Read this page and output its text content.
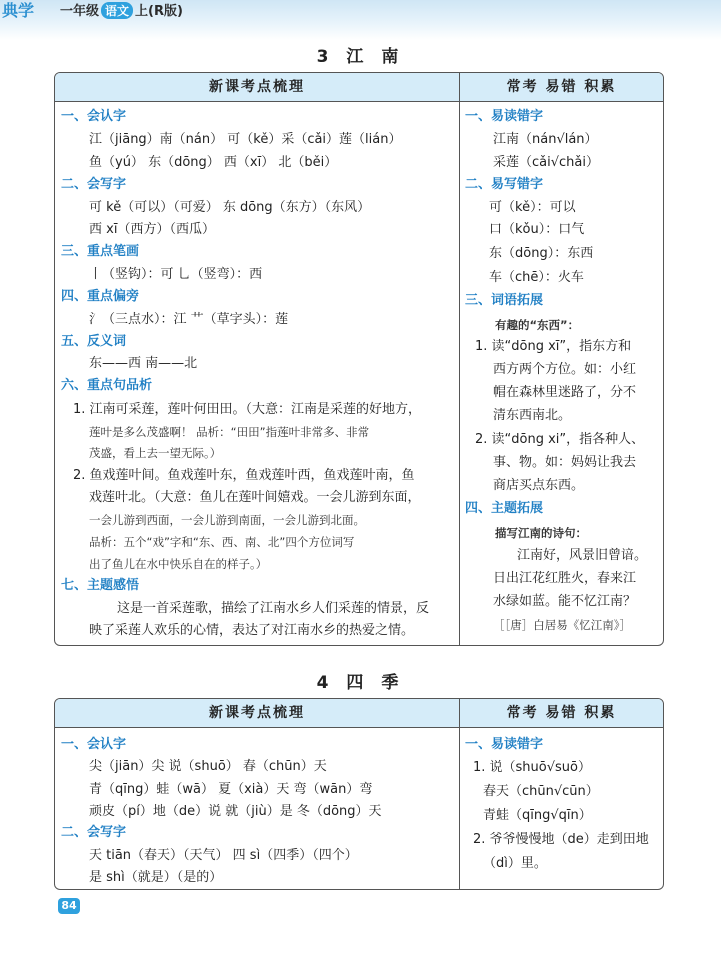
典学 一年级 语文 上(R版)
3 江 南
新课考点梳理	常考 易错 积累
一、会认字
江（jiāng）南（nán） 可（kě）采（cǎi）莲（lián）
鱼（yú） 东（dōng） 西（xī） 北（běi）
二、会写字
可 kě（可以）（可爱） 东 dōng（东方）（东风）
西 xī（西方）（西瓜）
三、重点笔画
丨（竖钩）：可 乚（竖弯）：西
四、重点偏旁
氵（三点水）：江 艹（草字头）：莲
五、反义词
东——西 南——北
六、重点句品析
1. 江南可采莲，莲叶何田田。（大意：江南是采莲的好地方，
莲叶是多么茂盛啊！ 品析：“田田”指莲叶非常多、非常
茂盛，看上去一望无际。）
2. 鱼戏莲叶间。鱼戏莲叶东，鱼戏莲叶西，鱼戏莲叶南，鱼
戏莲叶北。（大意：鱼儿在莲叶间嬉戏。一会儿游到东面，
一会儿游到西面，一会儿游到南面，一会儿游到北面。
品析：五个“戏”字和“东、西、南、北”四个方位词写
出了鱼儿在水中快乐自在的样子。）
七、主题感悟
这是一首采莲歌，描绘了江南水乡人们采莲的情景，反
映了采莲人欢乐的心情，表达了对江南水乡的热爱之情。
一、易读错字
江南（nán√lán）
采莲（cǎi√chǎi）
二、易写错字
可（kě）：可以
口（kǒu）：口气
东（dōng）：东西
车（chē）：火车
三、词语拓展
有趣的“东西”：
1. 读“dōng xī”，指东方和
西方两个方位。如：小红
帽在森林里迷路了，分不
清东西南北。
2. 读“dōng xi”，指各种人、
事、物。如：妈妈让我去
商店买点东西。
四、主题拓展
描写江南的诗句：
江南好，风景旧曾谙。
日出江花红胜火，春来江
水绿如蓝。能不忆江南？
［［唐］白居易《忆江南》］
4 四 季
新课考点梳理	常考 易错 积累
一、会认字
尖（jiān）尖 说（shuō） 春（chūn）天
青（qīng）蛙（wā） 夏（xià）天 弯（wān）弯
顽皮（pí）地（de）说 就（jiù）是 冬（dōng）天
二、会写字
天 tiān（春天）（天气） 四 sì（四季）（四个）
是 shì（就是）（是的）
一、易读错字
1. 说（shuō√suō）
春天（chūn√cūn）
青蛙（qīng√qīn）
2. 爷爷慢慢地（de）走到田地
（dì）里。
84
